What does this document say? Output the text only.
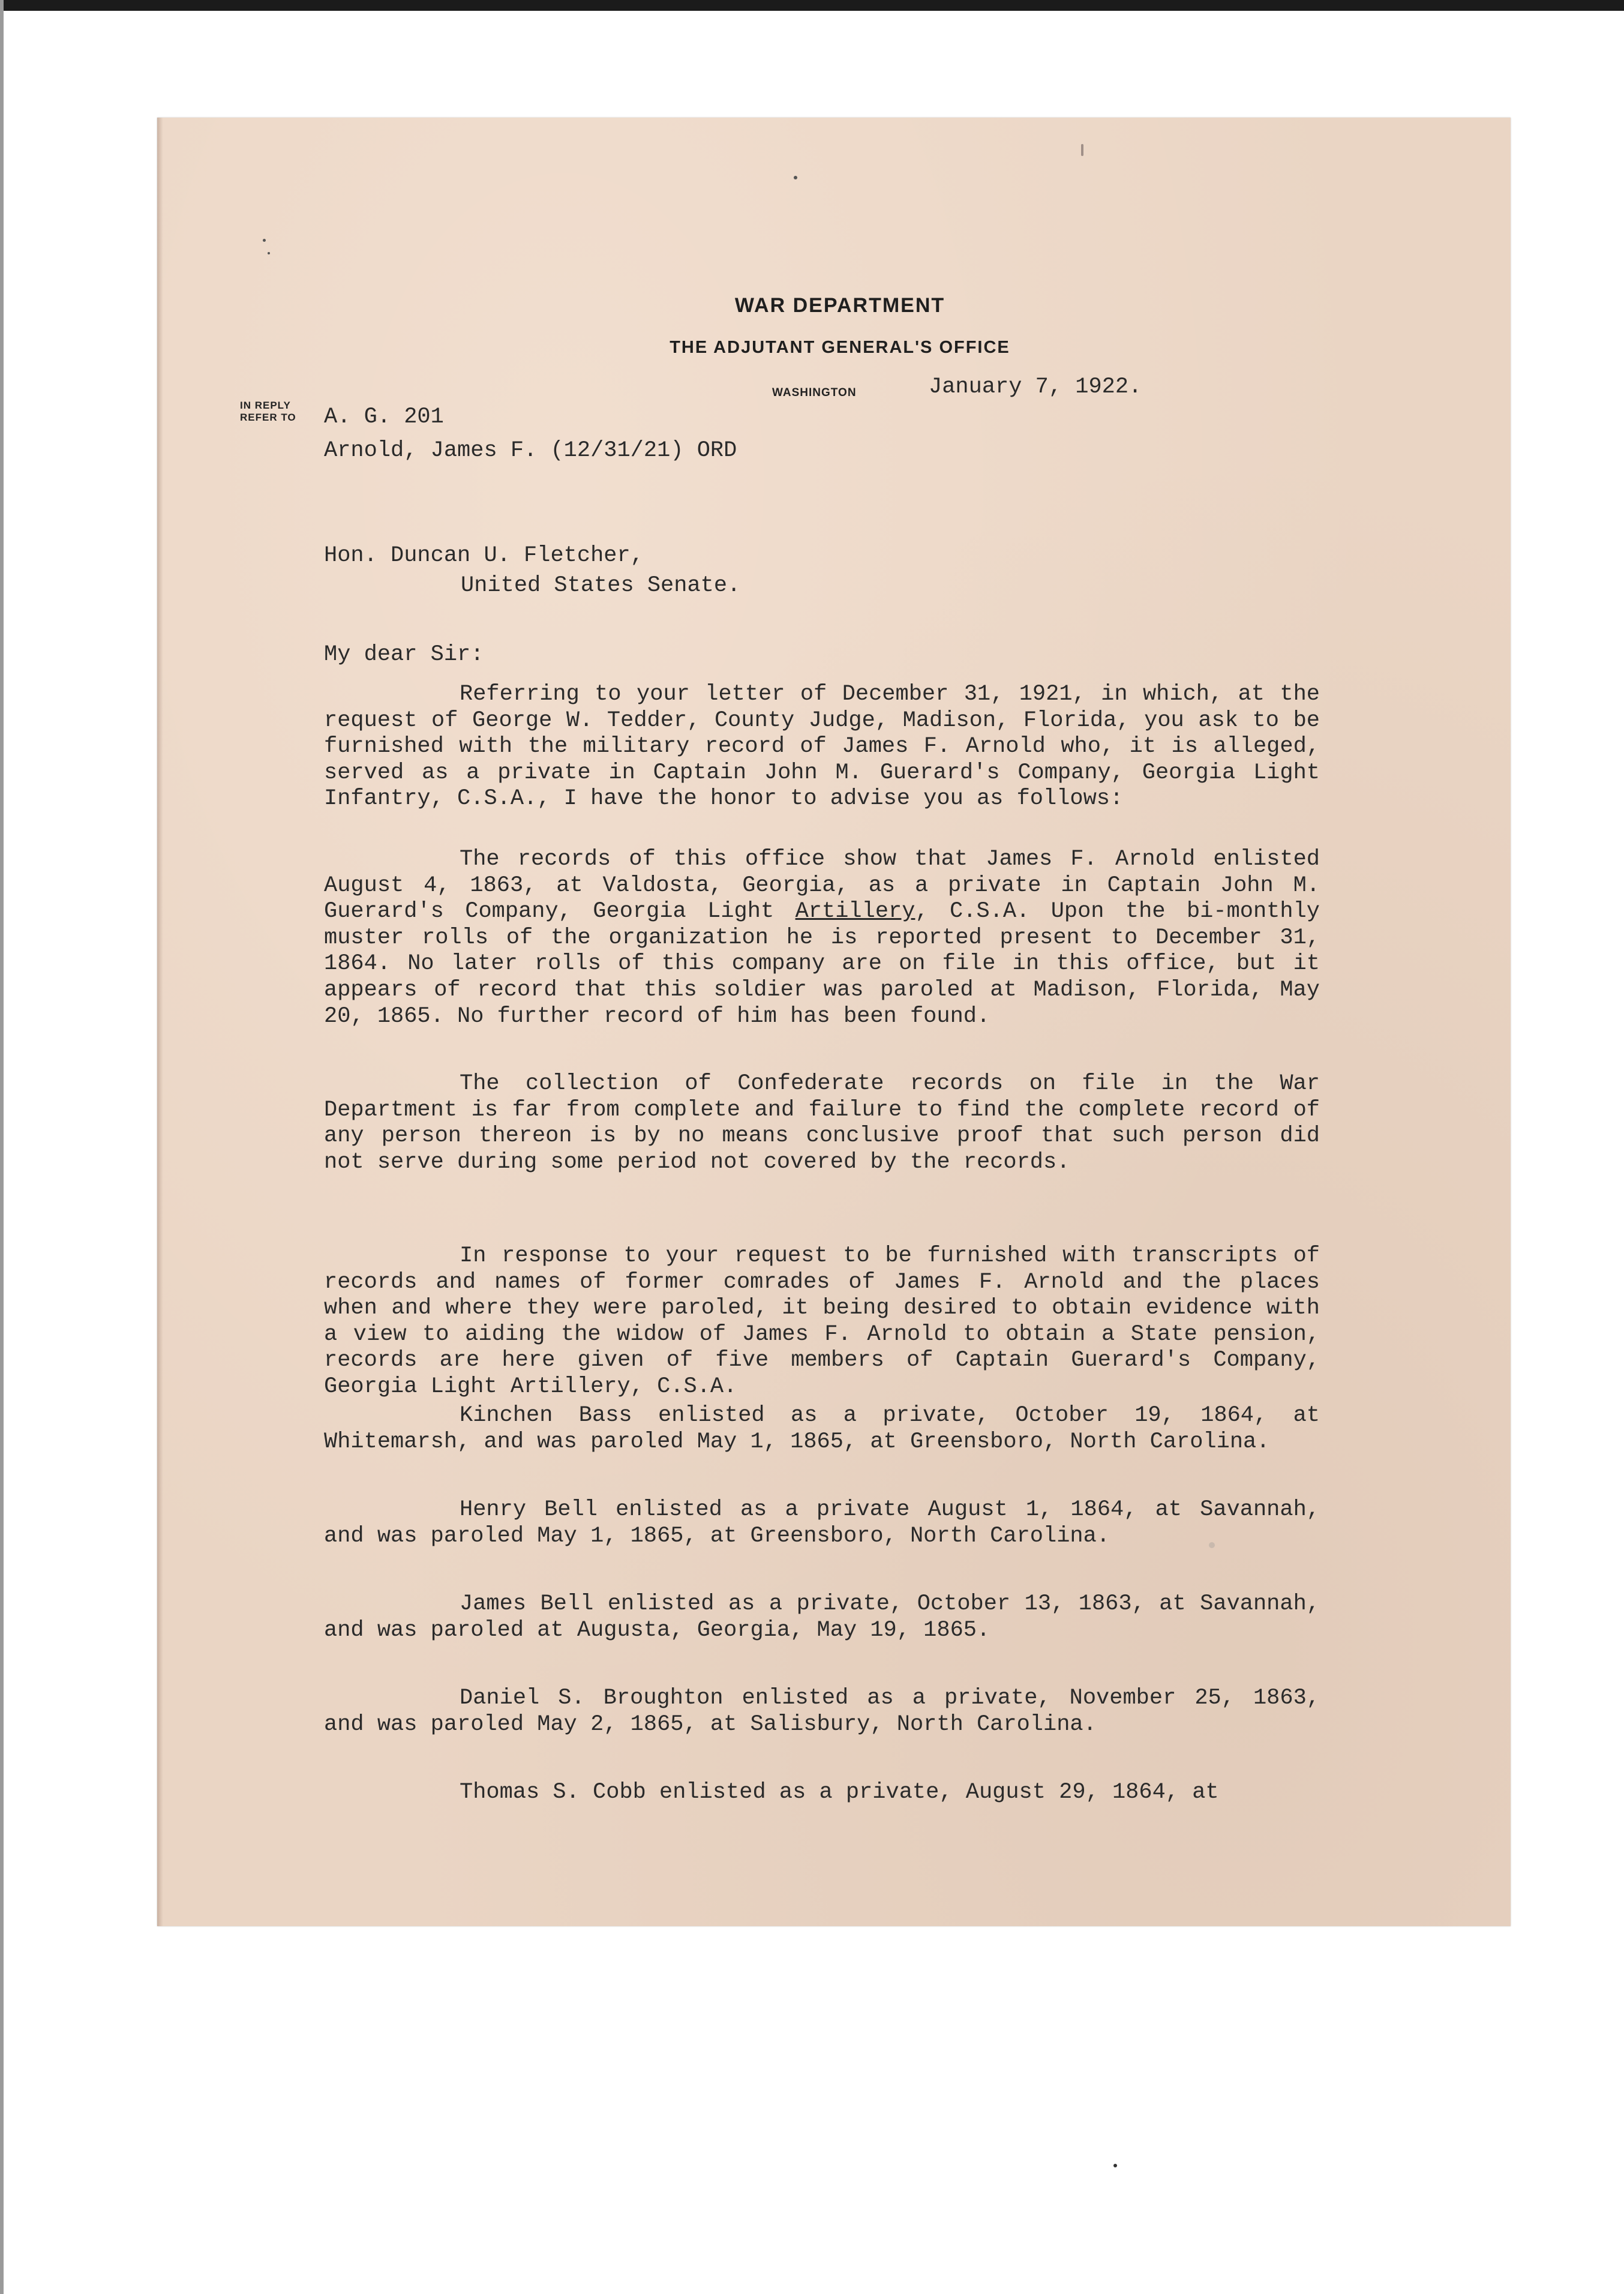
WAR DEPARTMENT
THE ADJUTANT GENERAL'S OFFICE
WASHINGTON	January 7, 1922.
IN REPLY
REFER TO A. G. 201
Arnold, James F. (12/31/21) ORD
Hon. Duncan U. Fletcher,
United States Senate.
My dear Sir:
Referring to your letter of December 31, 1921, in which, at the request of George W. Tedder, County Judge, Madison, Florida, you ask to be furnished with the military record of James F. Arnold who, it is alleged, served as a private in Captain John M. Guerard's Company, Georgia Light Infantry, C.S.A., I have the honor to advise you as follows:
The records of this office show that James F. Arnold enlisted August 4, 1863, at Valdosta, Georgia, as a private in Captain John M. Guerard's Company, Georgia Light Artillery, C.S.A. Upon the bi-monthly muster rolls of the organization he is reported present to December 31, 1864. No later rolls of this company are on file in this office, but it appears of record that this soldier was paroled at Madison, Florida, May 20, 1865. No further record of him has been found.
The collection of Confederate records on file in the War Department is far from complete and failure to find the complete record of any person thereon is by no means conclusive proof that such person did not serve during some period not covered by the records.
In response to your request to be furnished with transcripts of records and names of former comrades of James F. Arnold and the places when and where they were paroled, it being desired to obtain evidence with a view to aiding the widow of James F. Arnold to obtain a State pension, records are here given of five members of Captain Guerard's Company, Georgia Light Artillery, C.S.A.
Kinchen Bass enlisted as a private, October 19, 1864, at Whitemarsh, and was paroled May 1, 1865, at Greensboro, North Carolina.
Henry Bell enlisted as a private August 1, 1864, at Savannah, and was paroled May 1, 1865, at Greensboro, North Carolina.
James Bell enlisted as a private, October 13, 1863, at Savannah, and was paroled at Augusta, Georgia, May 19, 1865.
Daniel S. Broughton enlisted as a private, November 25, 1863, and was paroled May 2, 1865, at Salisbury, North Carolina.
Thomas S. Cobb enlisted as a private, August 29, 1864, at
